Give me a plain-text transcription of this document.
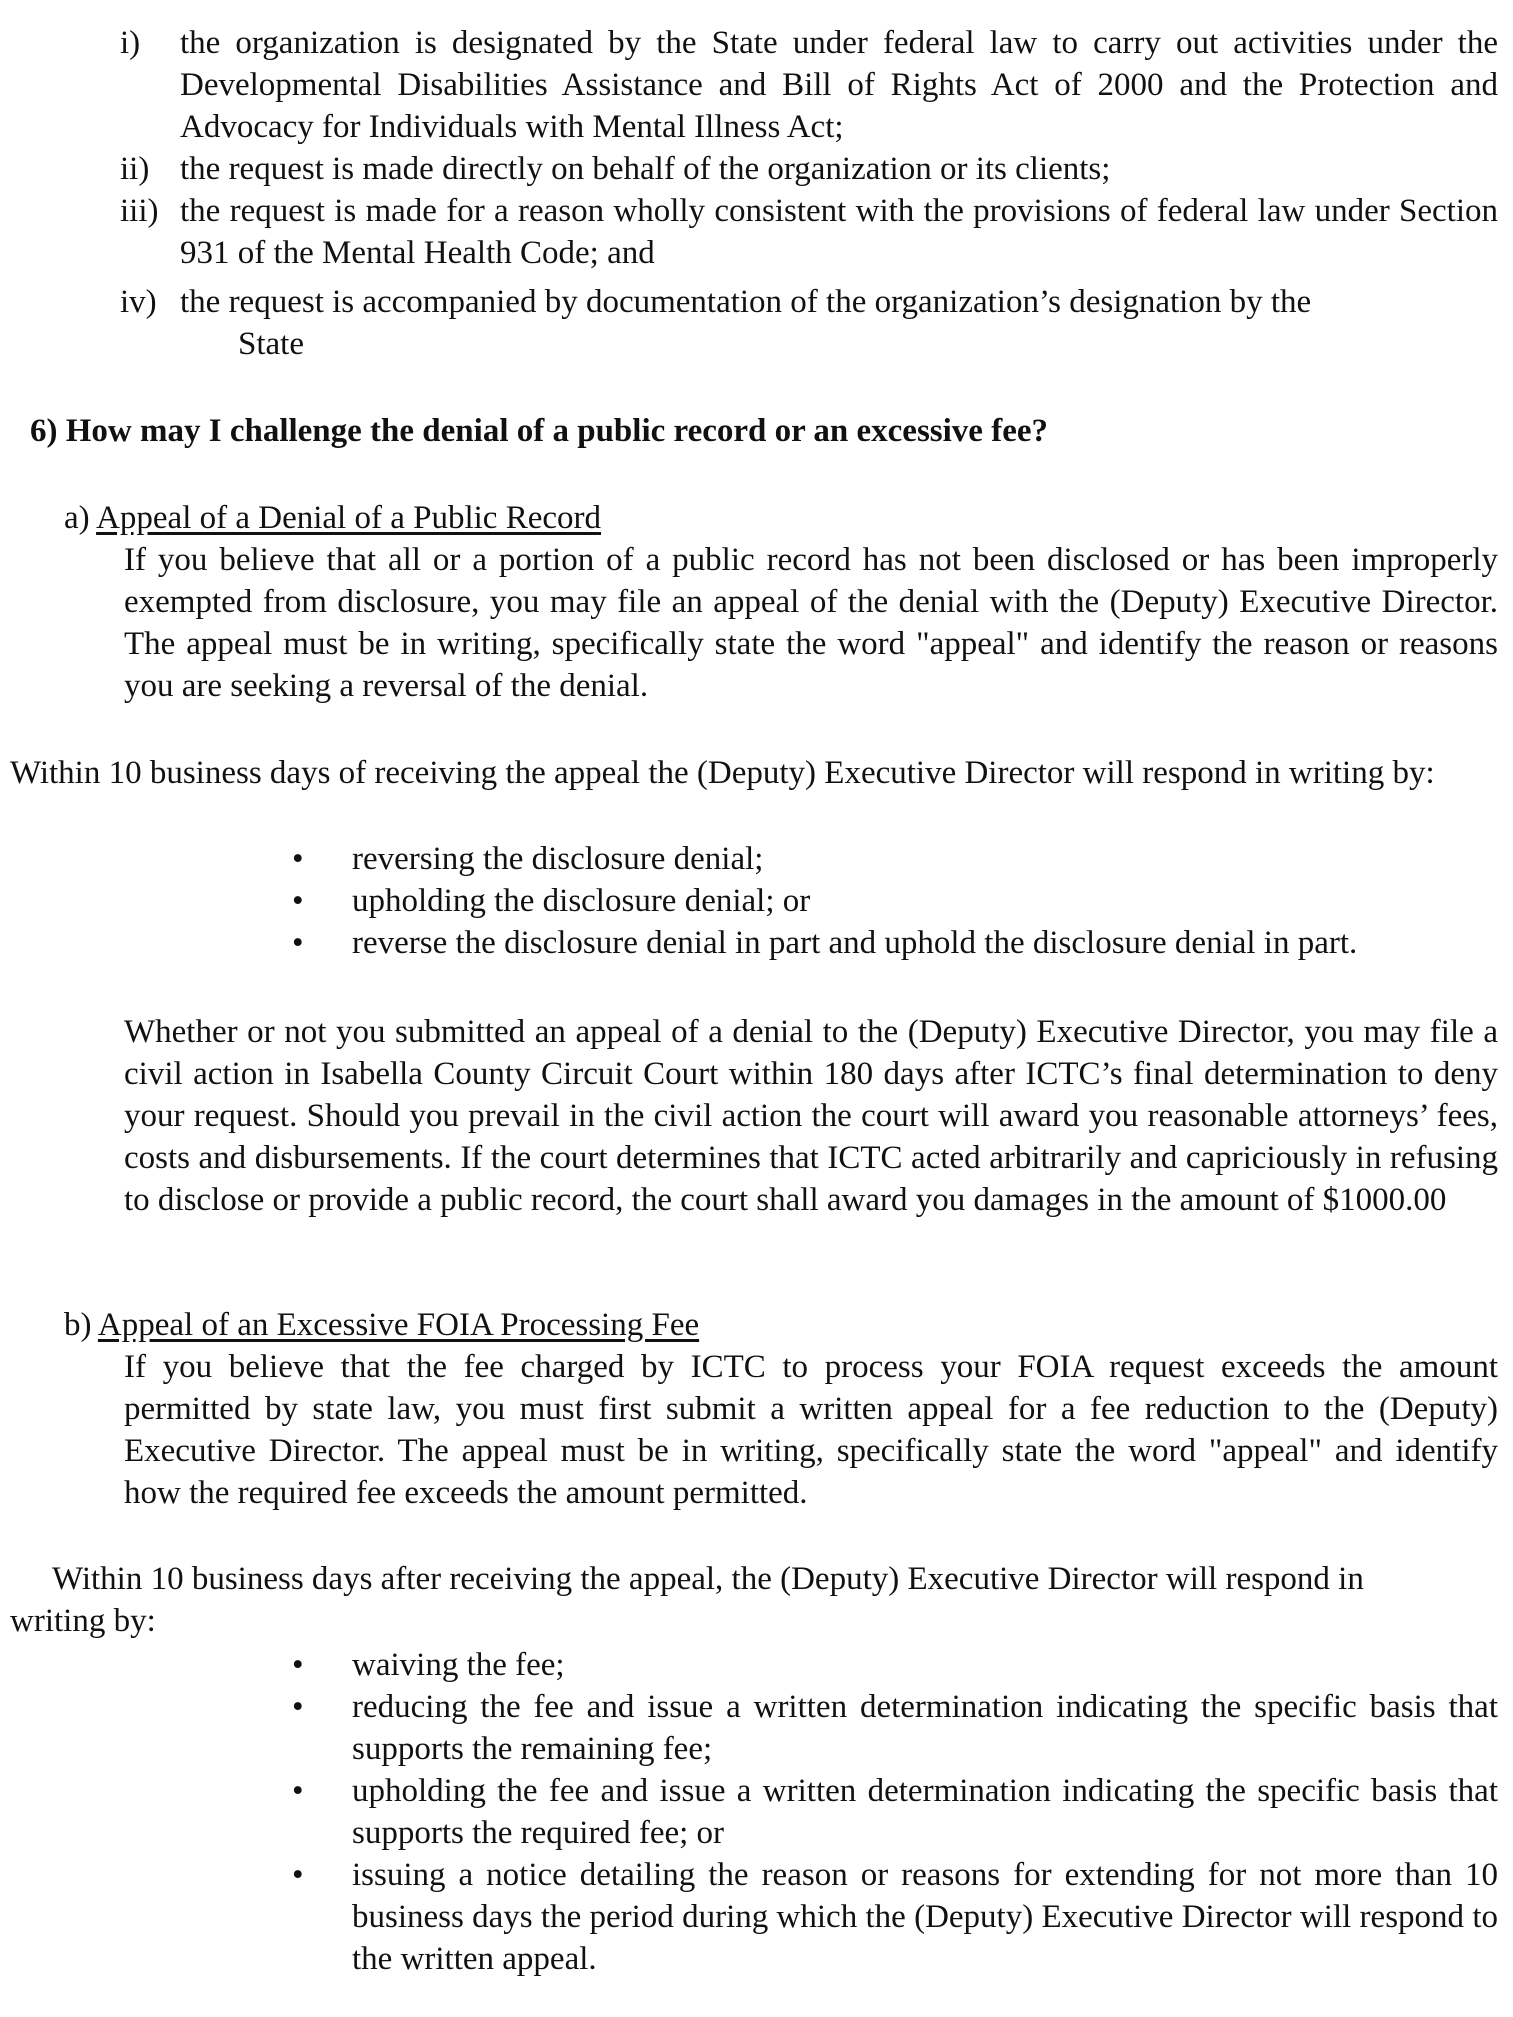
i)	the organization is designated by the State under federal law to carry out activities under the Developmental Disabilities Assistance and Bill of Rights Act of 2000 and the Protection and Advocacy for Individuals with Mental Illness Act;

ii) the request is made directly on behalf of the organization or its clients;

iii) the request is made for a reason wholly consistent with the provisions of federal law under Section 931 of the Mental Health Code; and

iv) the request is accompanied by documentation of the organization’s designation by the

State

6) How may I challenge the denial of a public record or an excessive fee?

a) Appeal of a Denial of a Public Record

If you believe that all or a portion of a public record has not been disclosed or has been improperly exempted from disclosure, you may file an appeal of the denial with the (Deputy) Executive Director. The appeal must be in writing, specifically state the word "appeal" and identify the reason or reasons you are seeking a reversal of the denial.

Within 10 business days of receiving the appeal the (Deputy) Executive Director will respond in writing by:

• reversing the disclosure denial;
• upholding the disclosure denial; or
• reverse the disclosure denial in part and uphold the disclosure denial in part.

Whether or not you submitted an appeal of a denial to the (Deputy) Executive Director, you may file a civil action in Isabella County Circuit Court within 180 days after ICTC’s final determination to deny your request. Should you prevail in the civil action the court will award you reasonable attorneys’ fees, costs and disbursements. If the court determines that ICTC acted arbitrarily and capriciously in refusing to disclose or provide a public record, the court shall award you damages in the amount of $1000.00

b) Appeal of an Excessive FOIA Processing Fee

If you believe that the fee charged by ICTC to process your FOIA request exceeds the amount permitted by state law, you must first submit a written appeal for a fee reduction to the (Deputy) Executive Director. The appeal must be in writing, specifically state the word "appeal" and identify how the required fee exceeds the amount permitted.

Within 10 business days after receiving the appeal, the (Deputy) Executive Director will respond in writing by:

• waiving the fee;
• reducing the fee and issue a written determination indicating the specific basis that supports the remaining fee;
• upholding the fee and issue a written determination indicating the specific basis that supports the required fee; or
• issuing a notice detailing the reason or reasons for extending for not more than 10 business days the period during which the (Deputy) Executive Director will respond to the written appeal.
